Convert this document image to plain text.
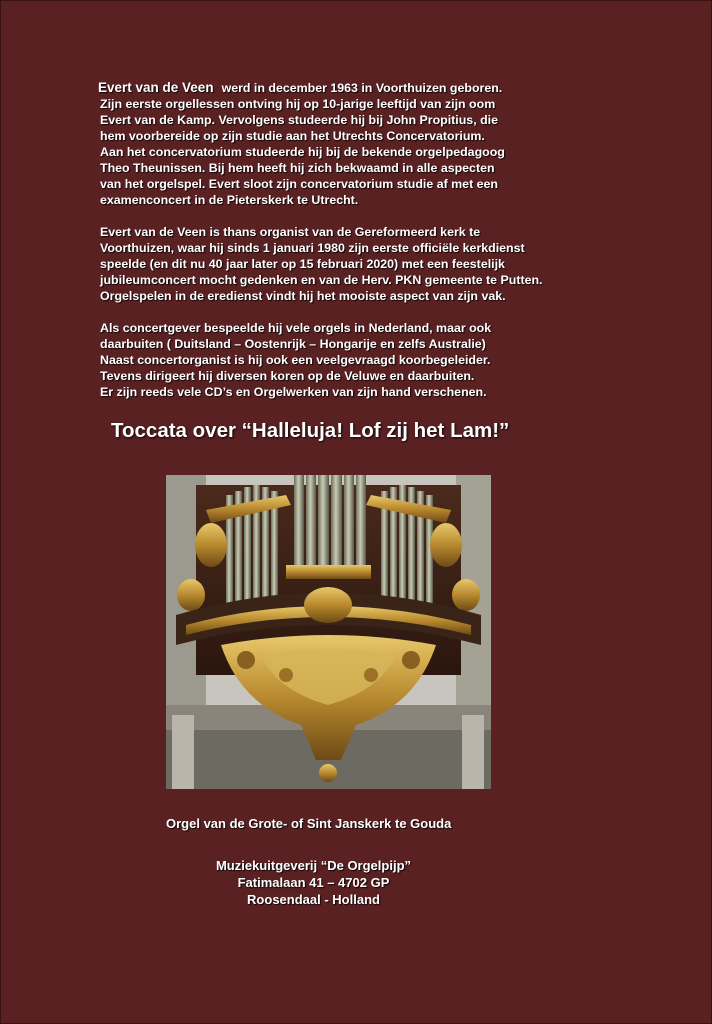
Evert van de Veen werd in december 1963 in Voorthuizen geboren.
Zijn eerste orgellessen ontving hij op 10-jarige leeftijd van zijn oom
Evert van de Kamp. Vervolgens studeerde hij bij John Propitius, die
hem voorbereide op zijn studie aan het Utrechts Concervatorium.
Aan het concervatorium studeerde hij bij de bekende orgelpedagoog
Theo Theunissen. Bij hem heeft hij zich bekwaamd in alle aspecten
van het orgelspel. Evert sloot zijn concervatorium studie af met een
examenconcert in de Pieterskerk te Utrecht.
Evert van de Veen is thans organist van de Gereformeerd kerk te
Voorthuizen, waar hij sinds 1 januari 1980 zijn eerste officiële kerkdienst
speelde (en dit nu 40 jaar later op 15 februari 2020) met een feestelijk
jubileumconcert mocht gedenken en van de Herv. PKN gemeente te Putten.
Orgelspelen in de eredienst vindt hij het mooiste aspect van zijn vak.
Als concertgever bespeelde hij vele orgels in Nederland, maar ook
daarbuiten ( Duitsland – Oostenrijk – Hongarije en zelfs Australie)
Naast concertorganist is hij ook een veelgevraagd koorbegeleider.
Tevens dirigeert hij diversen koren op de Veluwe en daarbuiten.
Er zijn reeds vele CD’s en Orgelwerken van zijn hand verschenen.
Toccata over “Halleluja! Lof zij het Lam!”
Orgel van de Grote- of Sint Janskerk te Gouda
Muziekuitgeverij “De Orgelpijp”
Fatimalaan 41 – 4702 GP
Roosendaal - Holland
